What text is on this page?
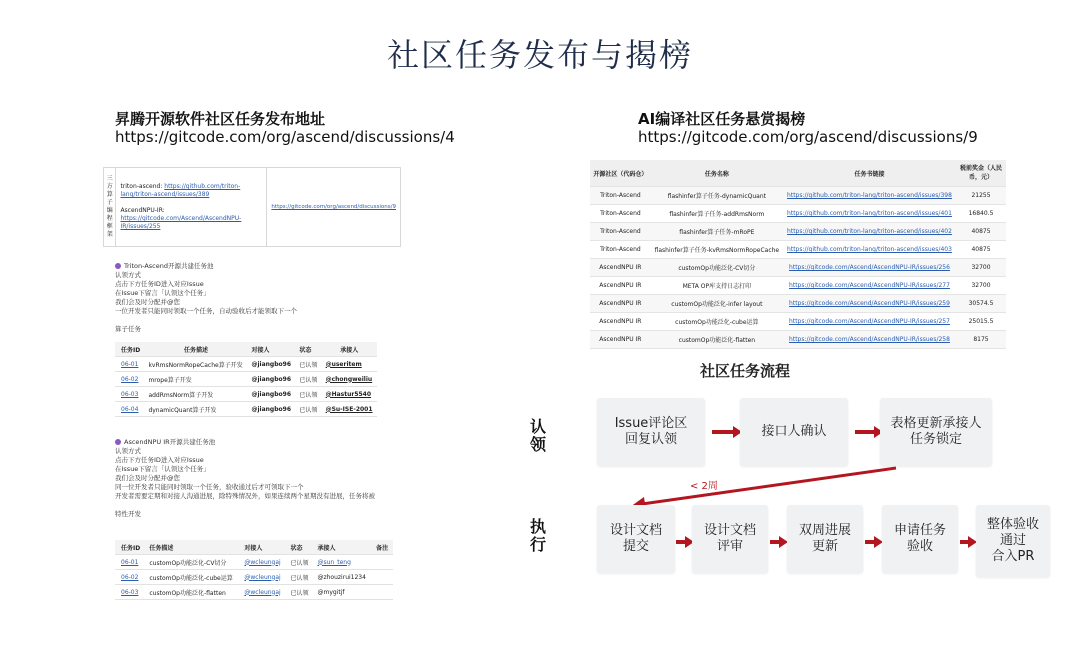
社区任务发布与揭榜
昇腾开源软件社区任务发布地址
https://gitcode.com/org/ascend/discussions/4
三方算子编程框架	triton-ascend: https://github.com/triton-lang/triton-ascend/issues/389

AscendNPU-IR:
https://gitcode.com/Ascend/AscendNPU-IR/issues/255	https://gitcode.com/org/ascend/discussions/9
Triton-Ascend开源共建任务池
认领方式
点击下方任务ID进入对应Issue
在Issue下留言「认领这个任务」
我们会及时分配并@您
一位开发者只能同时领取一个任务，自动验收后才能领取下一个
算子任务
任务ID	任务描述	对接人	状态	承接人
06-01	kvRmsNormRopeCache算子开发	@jiangbo96	已认领	@useritem
06-02	mrope算子开发	@jiangbo96	已认领	@chongweiliu
06-03	addRmsNorm算子开发	@jiangbo96	已认领	@Hastur5540
06-04	dynamicQuant算子开发	@jiangbo96	已认领	@Su-ISE-2001
AscendNPU IR开源共建任务池
认领方式
点击下方任务ID进入对应Issue
在Issue下留言「认领这个任务」
我们会及时分配并@您
同一位开发者只能同时领取一个任务，验收通过后才可领取下一个
开发者需要定期和对接人沟通进展，除特殊情况外，如果连续两个星期没有进展，任务将被
特性开发
任务ID	任务描述	对接人	状态	承接人	备注
06-01	customOp功能泛化-CV切分	@wcleungaj	已认领	@sun_teng	
06-02	customOp功能泛化-cube运算	@wcleungaj	已认领	@zhouzirui1234	
06-03	customOp功能泛化-flatten	@wcleungaj	已认领	@mygitjf	
AI编译社区任务悬赏揭榜
https://gitcode.com/org/ascend/discussions/9
开源社区（代码仓）	任务名称	任务书链接	税前奖金（人民币，元）
Triton-Ascend	flashinfer算子任务-dynamicQuant	https://github.com/triton-lang/triton-ascend/issues/398	21255
Triton-Ascend	flashinfer算子任务-addRmsNorm	https://github.com/triton-lang/triton-ascend/issues/401	16840.5
Triton-Ascend	flashinfer算子任务-mRoPE	https://github.com/triton-lang/triton-ascend/issues/402	40875
Triton-Ascend	flashinfer算子任务-kvRmsNormRopeCache	https://github.com/triton-lang/triton-ascend/issues/403	40875
AscendNPU IR	customOp功能泛化-CV切分	https://gitcode.com/Ascend/AscendNPU-IR/issues/256	32700
AscendNPU IR	META OP库支持日志打印	https://gitcode.com/Ascend/AscendNPU-IR/issues/277	32700
AscendNPU IR	customOp功能泛化-infer layout	https://gitcode.com/Ascend/AscendNPU-IR/issues/259	30574.5
AscendNPU IR	customOp功能泛化-cube运算	https://gitcode.com/Ascend/AscendNPU-IR/issues/257	25015.5
AscendNPU IR	customOp功能泛化-flatten	https://gitcode.com/Ascend/AscendNPU-IR/issues/258	8175
社区任务流程
认领
执行
Issue评论区
回复认领
接口人确认
表格更新承接人
任务锁定
< 2周
设计文档
提交
设计文档
评审
双周进展
更新
申请任务
验收
整体验收
通过
合入PR
